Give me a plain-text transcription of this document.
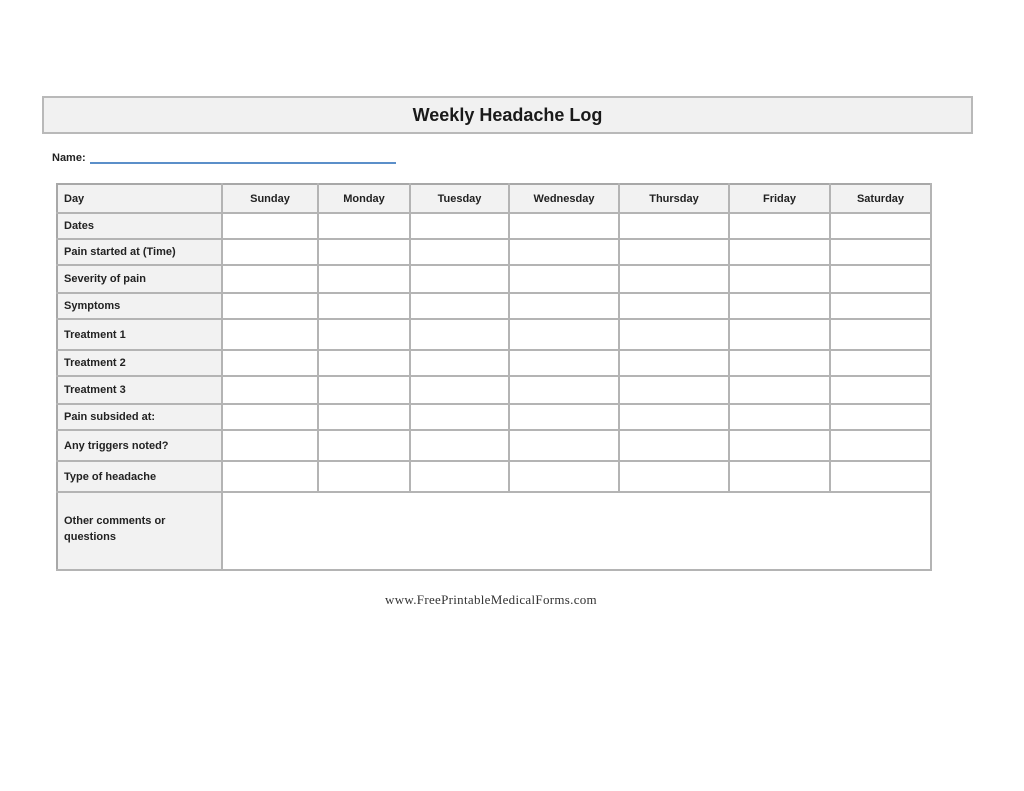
Weekly Headache Log
Name:
Day	Sunday	Monday	Tuesday	Wednesday	Thursday	Friday	Saturday
Dates							
Pain started at (Time)							
Severity of pain							
Symptoms							
Treatment 1							
Treatment 2							
Treatment 3							
Pain subsided at:							
Any triggers noted?							
Type of headache							
Other comments or questions							
www.FreePrintableMedicalForms.com
